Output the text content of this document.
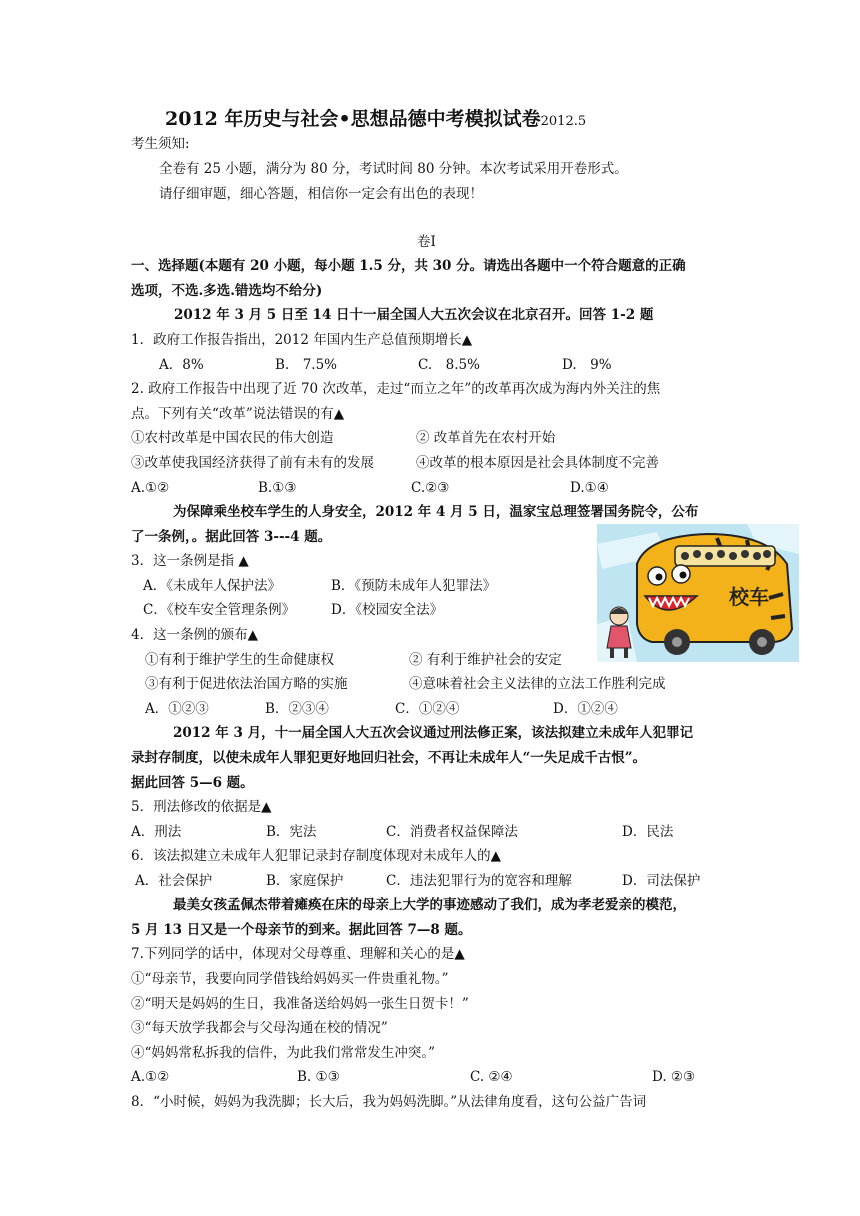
2012 年历史与社会•思想品德中考模拟试卷2012.5
考生须知:
全卷有 25 小题，满分为 80 分，考试时间 80 分钟。本次考试采用开卷形式。
请仔细审题，细心答题，相信你一定会有出色的表现！
卷Ⅰ
一、选择题(本题有 20 小题，每小题 1.5 分，共 30 分。请选出各题中一个符合题意的正确
选项，不选.多选.错选均不给分)
2012 年 3 月 5 日至 14 日十一届全国人大五次会议在北京召开。回答 1-2 题
1．政府工作报告指出，2012 年国内生产总值预期增长▲
A．8%	B.　7.5%	C.　8.5%	D.　9%
2. 政府工作报告中出现了近 70 次改革，走过“而立之年”的改革再次成为海内外关注的焦
点。下列有关“改革”说法错误的有▲
①农村改革是中国农民的伟大创造	② 改革首先在农村开始
③改革使我国经济获得了前有未有的发展	④改革的根本原因是社会具体制度不完善
A.①②	B.①③	C.②③	D.①④
为保障乘坐校车学生的人身安全，2012 年 4 月 5 日，温家宝总理签署国务院令，公布
了一条例，。据此回答 3---4 题。
校车
3．这一条例是指 ▲
A．《未成年人保护法》	B．《预防未成年人犯罪法》
C．《校车安全管理条例》	D．《校园安全法》
4．这一条例的颁布▲
①有利于维护学生的生命健康权	② 有利于维护社会的安定
③有利于促进依法治国方略的实施	④意味着社会主义法律的立法工作胜利完成
A．①②③	B．②③④	C．①②④	D．①②④
2012 年 3 月，十一届全国人大五次会议通过刑法修正案，该法拟建立未成年人犯罪记
录封存制度，以使未成年人罪犯更好地回归社会，不再让未成年人“一失足成千古恨”。
据此回答 5—6 题。
5．刑法修改的依据是▲
A．刑法	B．宪法	C．消费者权益保障法	D．民法
6．该法拟建立未成年人犯罪记录封存制度体现对未成年人的▲
A．社会保护	B．家庭保护	C．违法犯罪行为的宽容和理解	D．司法保护
最美女孩孟佩杰带着瘫痪在床的母亲上大学的事迹感动了我们，成为孝老爱亲的模范，
5 月 13 日又是一个母亲节的到来。据此回答 7—8 题。
7.下列同学的话中，体现对父母尊重、理解和关心的是▲
①“母亲节，我要向同学借钱给妈妈买一件贵重礼物。”
②“明天是妈妈的生日，我准备送给妈妈一张生日贺卡！”
③“每天放学我都会与父母沟通在校的情况”
④“妈妈常私拆我的信件，为此我们常常发生冲突。”
A.①②	B. ①③	C. ②④	D. ②③
8．“小时候，妈妈为我洗脚；长大后，我为妈妈洗脚。”从法律角度看，这句公益广告词
